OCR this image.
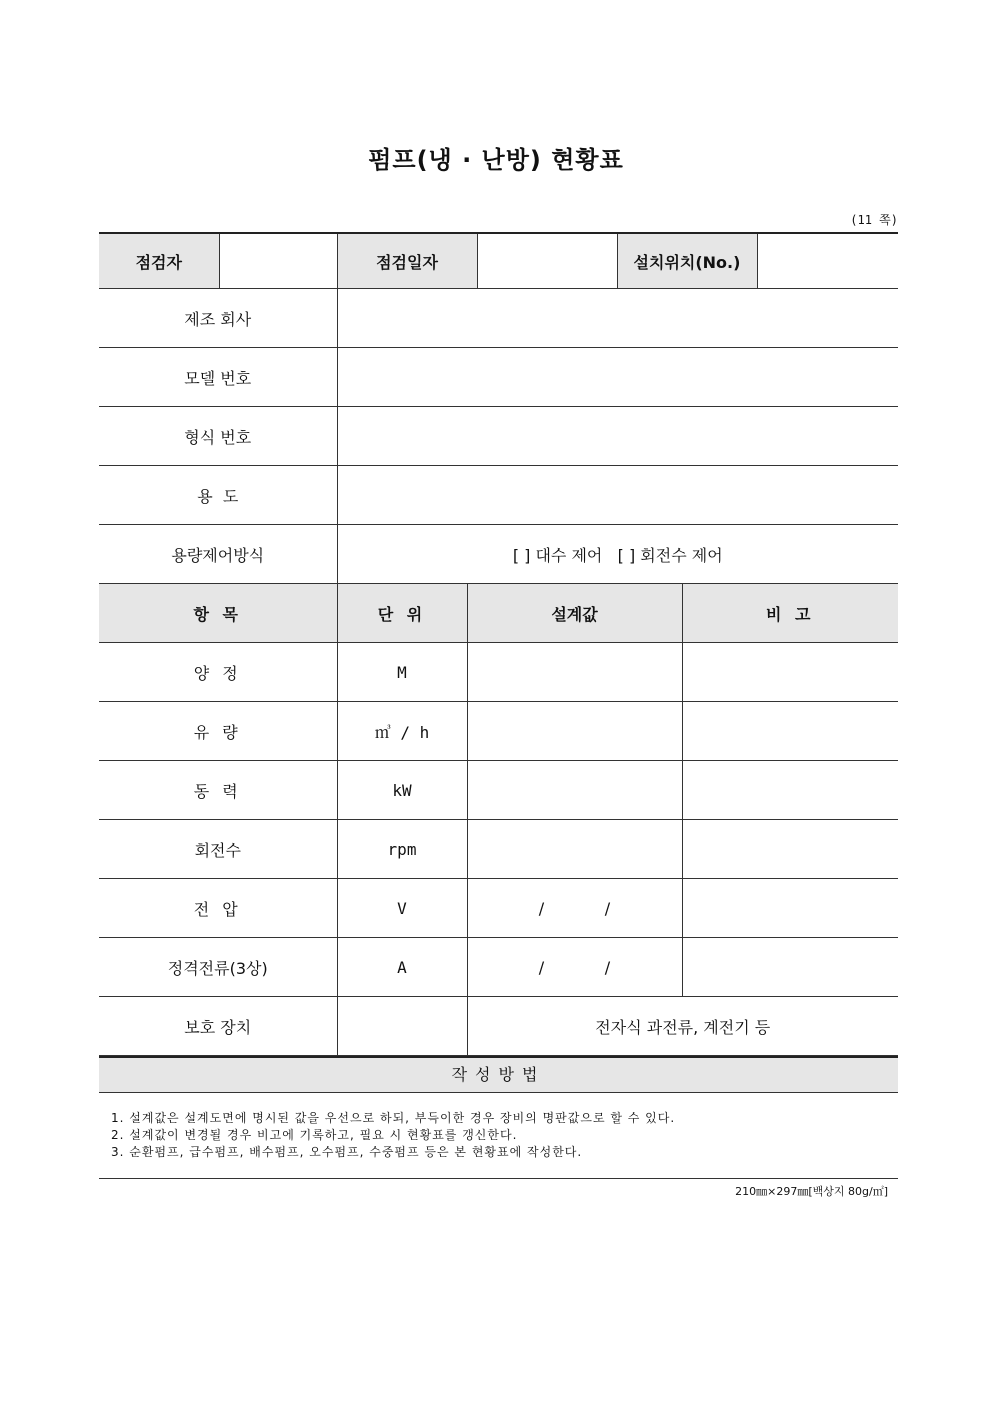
펌프(냉 · 난방) 현황표
(11 쪽)
점검자		점검일자		설치위치(No.)	
제조 회사	
모델 번호	
형식 번호	
용  도	
용량제어방식	[ ] 대수 제어   [ ] 회전수 제어
항 목	단 위	설계값	비 고
양 정	M		
유 량	㎥ / h		
동 력	kW		
회전수	rpm		
전 압	V	/ /	
정격전류(3상)	A	/ /	
보호 장치		전자식 과전류, 계전기 등	
작성방법
1. 설계값은 설계도면에 명시된 값을 우선으로 하되, 부득이한 경우 장비의 명판값으로 할 수 있다.
2. 설계값이 변경될 경우 비고에 기록하고, 필요 시 현황표를 갱신한다.
3. 순환펌프, 급수펌프, 배수펌프, 오수펌프, 수중펌프 등은 본 현황표에 작성한다.
210㎜×297㎜[백상지 80g/㎡]
